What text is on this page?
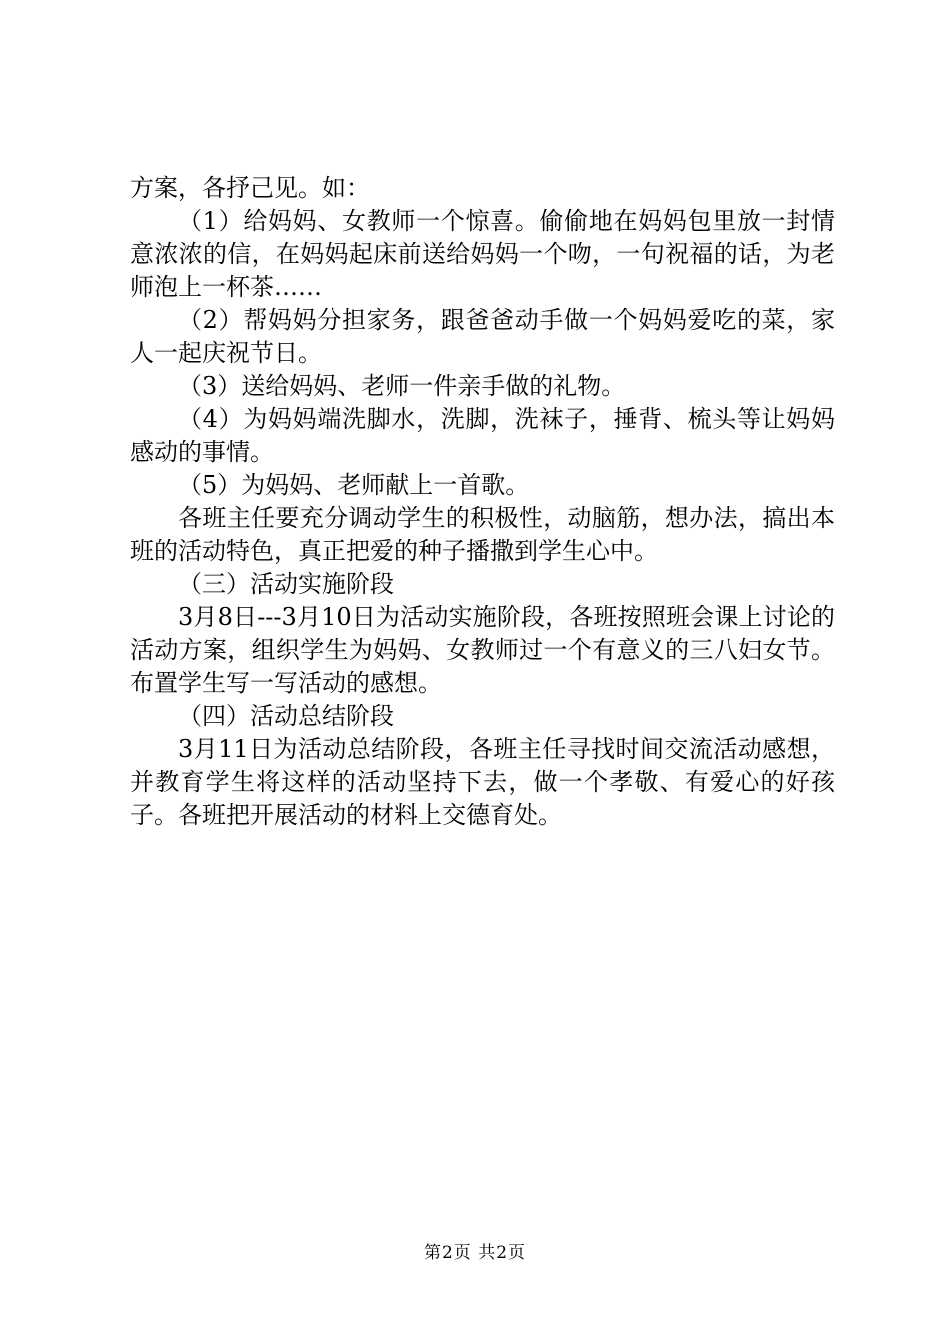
方案，各抒己见。如：

（1）给妈妈、女教师一个惊喜。偷偷地在妈妈包里放一封情意浓浓的信，在妈妈起床前送给妈妈一个吻，一句祝福的话，为老师泡上一杯茶……

（2）帮妈妈分担家务，跟爸爸动手做一个妈妈爱吃的菜，家人一起庆祝节日。

（3）送给妈妈、老师一件亲手做的礼物。

（4）为妈妈端洗脚水，洗脚，洗袜子，捶背、梳头等让妈妈感动的事情。

（5）为妈妈、老师献上一首歌。

各班主任要充分调动学生的积极性，动脑筋，想办法，搞出本班的活动特色，真正把爱的种子播撒到学生心中。

（三）活动实施阶段

3月8日---3月10日为活动实施阶段，各班按照班会课上讨论的活动方案，组织学生为妈妈、女教师过一个有意义的三八妇女节。布置学生写一写活动的感想。

（四）活动总结阶段

3月11日为活动总结阶段，各班主任寻找时间交流活动感想，并教育学生将这样的活动坚持下去，做一个孝敬、有爱心的好孩子。各班把开展活动的材料上交德育处。

第2页 共2页
